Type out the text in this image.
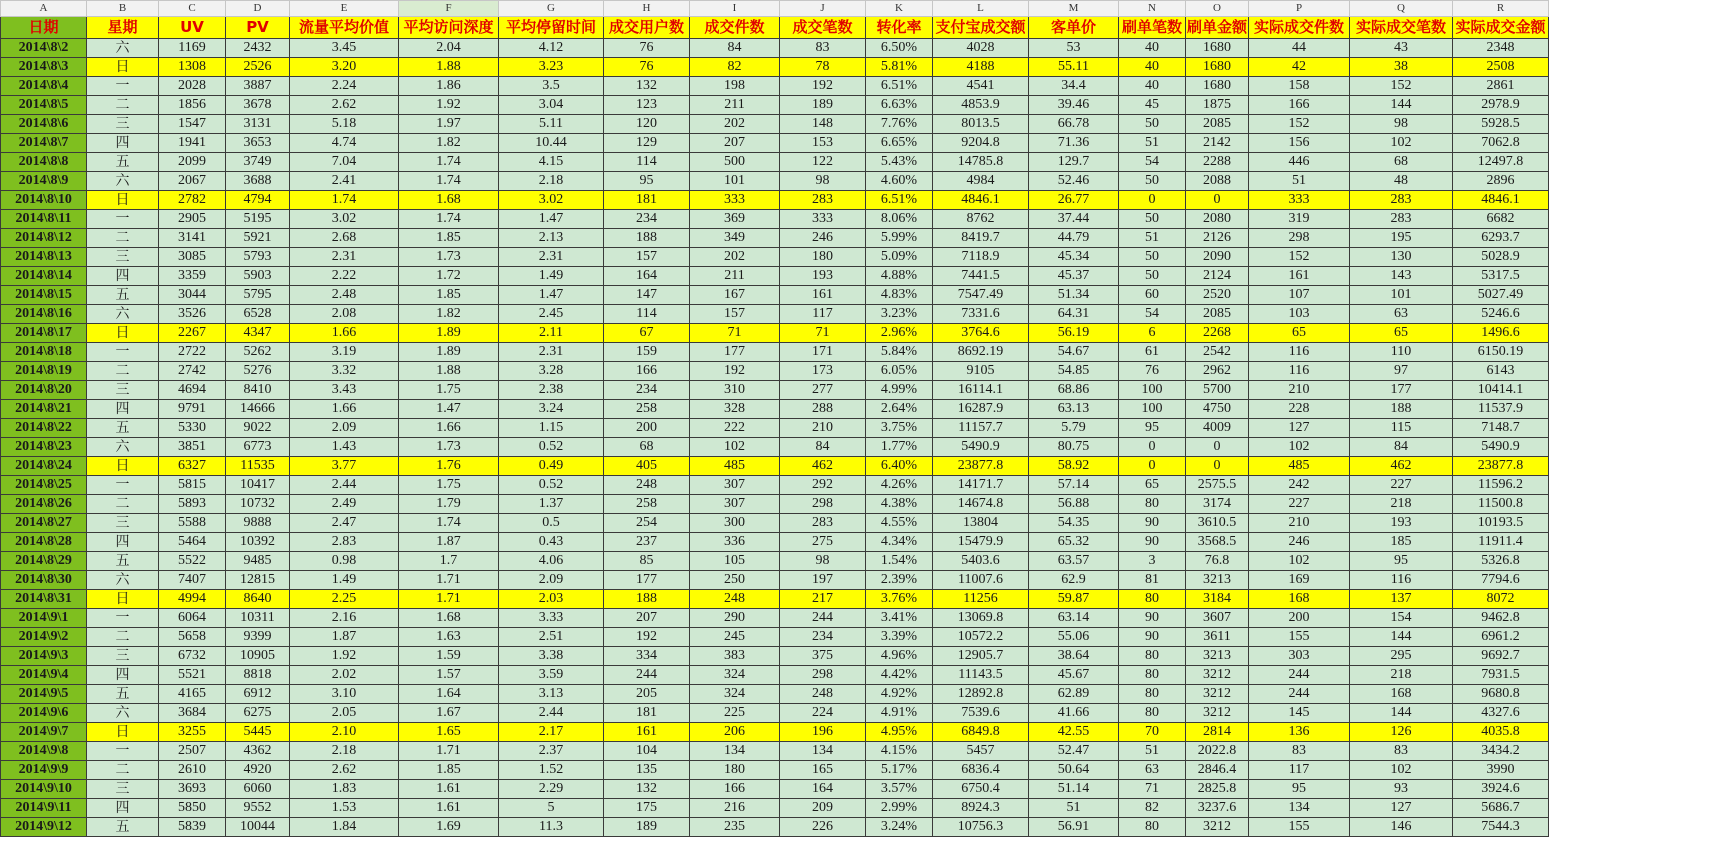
A	B	C	D	E	F	G	H	I	J	K	L	M	N	O	P	Q	R
日期	星期	UV	PV	流量平均价值	平均访问深度	平均停留时间	成交用户数	成交件数	成交笔数	转化率	支付宝成交额	客单价	刷单笔数	刷单金额	实际成交件数	实际成交笔数	实际成交金额
2014\8\2	六	1169	2432	3.45	2.04	4.12	76	84	83	6.50%	4028	53	40	1680	44	43	2348
2014\8\3	日	1308	2526	3.20	1.88	3.23	76	82	78	5.81%	4188	55.11	40	1680	42	38	2508
2014\8\4	一	2028	3887	2.24	1.86	3.5	132	198	192	6.51%	4541	34.4	40	1680	158	152	2861
2014\8\5	二	1856	3678	2.62	1.92	3.04	123	211	189	6.63%	4853.9	39.46	45	1875	166	144	2978.9
2014\8\6	三	1547	3131	5.18	1.97	5.11	120	202	148	7.76%	8013.5	66.78	50	2085	152	98	5928.5
2014\8\7	四	1941	3653	4.74	1.82	10.44	129	207	153	6.65%	9204.8	71.36	51	2142	156	102	7062.8
2014\8\8	五	2099	3749	7.04	1.74	4.15	114	500	122	5.43%	14785.8	129.7	54	2288	446	68	12497.8
2014\8\9	六	2067	3688	2.41	1.74	2.18	95	101	98	4.60%	4984	52.46	50	2088	51	48	2896
2014\8\10	日	2782	4794	1.74	1.68	3.02	181	333	283	6.51%	4846.1	26.77	0	0	333	283	4846.1
2014\8\11	一	2905	5195	3.02	1.74	1.47	234	369	333	8.06%	8762	37.44	50	2080	319	283	6682
2014\8\12	二	3141	5921	2.68	1.85	2.13	188	349	246	5.99%	8419.7	44.79	51	2126	298	195	6293.7
2014\8\13	三	3085	5793	2.31	1.73	2.31	157	202	180	5.09%	7118.9	45.34	50	2090	152	130	5028.9
2014\8\14	四	3359	5903	2.22	1.72	1.49	164	211	193	4.88%	7441.5	45.37	50	2124	161	143	5317.5
2014\8\15	五	3044	5795	2.48	1.85	1.47	147	167	161	4.83%	7547.49	51.34	60	2520	107	101	5027.49
2014\8\16	六	3526	6528	2.08	1.82	2.45	114	157	117	3.23%	7331.6	64.31	54	2085	103	63	5246.6
2014\8\17	日	2267	4347	1.66	1.89	2.11	67	71	71	2.96%	3764.6	56.19	6	2268	65	65	1496.6
2014\8\18	一	2722	5262	3.19	1.89	2.31	159	177	171	5.84%	8692.19	54.67	61	2542	116	110	6150.19
2014\8\19	二	2742	5276	3.32	1.88	3.28	166	192	173	6.05%	9105	54.85	76	2962	116	97	6143
2014\8\20	三	4694	8410	3.43	1.75	2.38	234	310	277	4.99%	16114.1	68.86	100	5700	210	177	10414.1
2014\8\21	四	9791	14666	1.66	1.47	3.24	258	328	288	2.64%	16287.9	63.13	100	4750	228	188	11537.9
2014\8\22	五	5330	9022	2.09	1.66	1.15	200	222	210	3.75%	11157.7	5.79	95	4009	127	115	7148.7
2014\8\23	六	3851	6773	1.43	1.73	0.52	68	102	84	1.77%	5490.9	80.75	0	0	102	84	5490.9
2014\8\24	日	6327	11535	3.77	1.76	0.49	405	485	462	6.40%	23877.8	58.92	0	0	485	462	23877.8
2014\8\25	一	5815	10417	2.44	1.75	0.52	248	307	292	4.26%	14171.7	57.14	65	2575.5	242	227	11596.2
2014\8\26	二	5893	10732	2.49	1.79	1.37	258	307	298	4.38%	14674.8	56.88	80	3174	227	218	11500.8
2014\8\27	三	5588	9888	2.47	1.74	0.5	254	300	283	4.55%	13804	54.35	90	3610.5	210	193	10193.5
2014\8\28	四	5464	10392	2.83	1.87	0.43	237	336	275	4.34%	15479.9	65.32	90	3568.5	246	185	11911.4
2014\8\29	五	5522	9485	0.98	1.7	4.06	85	105	98	1.54%	5403.6	63.57	3	76.8	102	95	5326.8
2014\8\30	六	7407	12815	1.49	1.71	2.09	177	250	197	2.39%	11007.6	62.9	81	3213	169	116	7794.6
2014\8\31	日	4994	8640	2.25	1.71	2.03	188	248	217	3.76%	11256	59.87	80	3184	168	137	8072
2014\9\1	一	6064	10311	2.16	1.68	3.33	207	290	244	3.41%	13069.8	63.14	90	3607	200	154	9462.8
2014\9\2	二	5658	9399	1.87	1.63	2.51	192	245	234	3.39%	10572.2	55.06	90	3611	155	144	6961.2
2014\9\3	三	6732	10905	1.92	1.59	3.38	334	383	375	4.96%	12905.7	38.64	80	3213	303	295	9692.7
2014\9\4	四	5521	8818	2.02	1.57	3.59	244	324	298	4.42%	11143.5	45.67	80	3212	244	218	7931.5
2014\9\5	五	4165	6912	3.10	1.64	3.13	205	324	248	4.92%	12892.8	62.89	80	3212	244	168	9680.8
2014\9\6	六	3684	6275	2.05	1.67	2.44	181	225	224	4.91%	7539.6	41.66	80	3212	145	144	4327.6
2014\9\7	日	3255	5445	2.10	1.65	2.17	161	206	196	4.95%	6849.8	42.55	70	2814	136	126	4035.8
2014\9\8	一	2507	4362	2.18	1.71	2.37	104	134	134	4.15%	5457	52.47	51	2022.8	83	83	3434.2
2014\9\9	二	2610	4920	2.62	1.85	1.52	135	180	165	5.17%	6836.4	50.64	63	2846.4	117	102	3990
2014\9\10	三	3693	6060	1.83	1.61	2.29	132	166	164	3.57%	6750.4	51.14	71	2825.8	95	93	3924.6
2014\9\11	四	5850	9552	1.53	1.61	5	175	216	209	2.99%	8924.3	51	82	3237.6	134	127	5686.7
2014\9\12	五	5839	10044	1.84	1.69	11.3	189	235	226	3.24%	10756.3	56.91	80	3212	155	146	7544.3
